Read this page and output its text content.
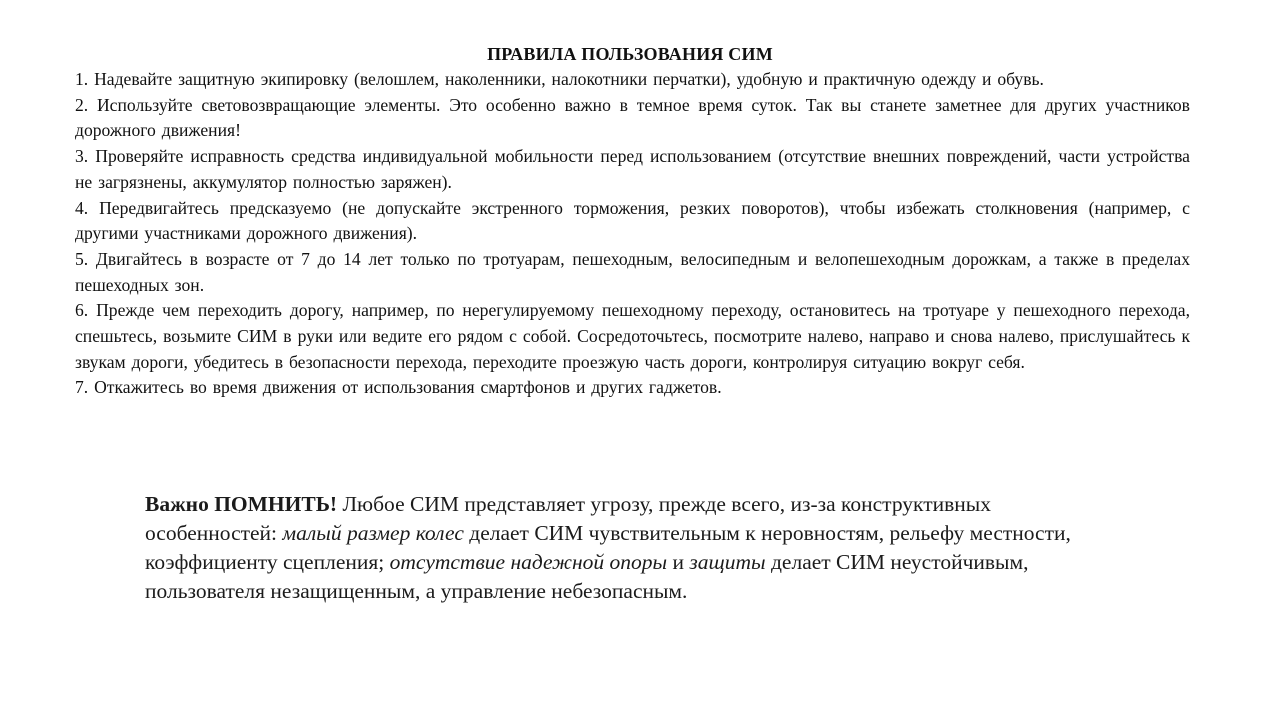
ПРАВИЛА ПОЛЬЗОВАНИЯ СИМ

1. Надевайте защитную экипировку (велошлем, наколенники, налокотники перчатки), удобную и практичную одежду и обувь.

2. Используйте световозвращающие элементы. Это особенно важно в темное время суток. Так вы станете заметнее для других участников дорожного движения!

3. Проверяйте исправность средства индивидуальной мобильности перед использованием (отсутствие внешних повреждений, части устройства не загрязнены, аккумулятор полностью заряжен).

4. Передвигайтесь предсказуемо (не допускайте экстренного торможения, резких поворотов), чтобы избежать столкновения (например, с другими участниками дорожного движения).

5. Двигайтесь в возрасте от 7 до 14 лет только по тротуарам, пешеходным, велосипедным и велопешеходным дорожкам, а также в пределах пешеходных зон.

6. Прежде чем переходить дорогу, например, по нерегулируемому пешеходному переходу, остановитесь на тротуаре у пешеходного перехода, спешьтесь, возьмите СИМ в руки или ведите его рядом с собой. Сосредоточьтесь, посмотрите налево, направо и снова налево, прислушайтесь к звукам дороги, убедитесь в безопасности перехода, переходите проезжую часть дороги, контролируя ситуацию вокруг себя.

7. Откажитесь во время движения от использования смартфонов и других гаджетов.

Важно ПОМНИТЬ! Любое СИМ представляет угрозу, прежде всего, из-за конструктивных особенностей: малый размер колес делает СИМ чувствительным к неровностям, рельефу местности, коэффициенту сцепления; отсутствие надежной опоры и защиты делает СИМ неустойчивым, пользователя незащищенным, а управление небезопасным.
